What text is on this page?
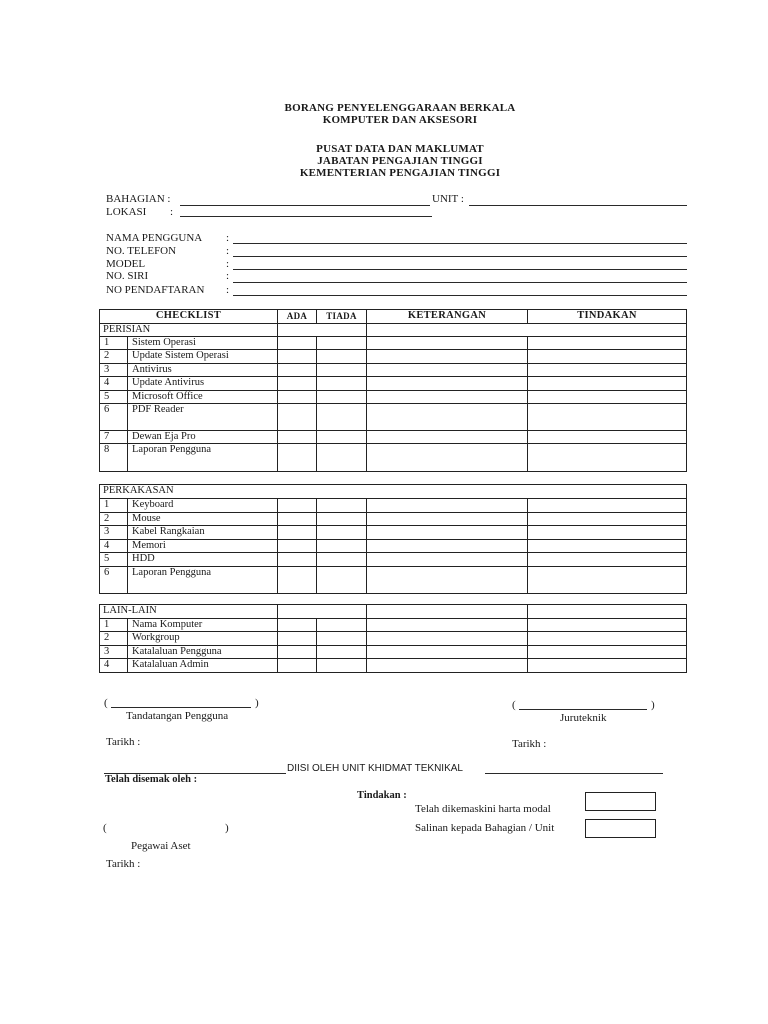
BORANG PENYELENGGARAAN BERKALA
KOMPUTER DAN AKSESORI
PUSAT DATA DAN MAKLUMAT
JABATAN PENGAJIAN TINGGI
KEMENTERIAN PENGAJIAN TINGGI
BAHAGIAN :	UNIT :
LOKASI :
NAMA PENGGUNA :
NO. TELEFON	:
MODEL	:
NO. SIRI	:
NO PENDAFTARAN :
CHECKLIST	ADA	TIADA	KETERANGAN	TINDAKAN
PERISIAN
1	Sistem Operasi
2	Update Sistem Operasi
3	Antivirus
4	Update Antivirus
5	Microsoft Office
6	PDF Reader
7	Dewan Eja Pro
8	Laporan Pengguna
PERKAKASAN
1	Keyboard
2	Mouse
3	Kabel Rangkaian
4	Memori
5	HDD
6	Laporan Pengguna
LAIN-LAIN
1	Nama Komputer
2	Workgroup
3	Katalaluan Pengguna
4	Katalaluan Admin
(	)
Tandatangan Pengguna
(	)
Juruteknik
Tarikh :	Tarikh :
DIISI OLEH UNIT KHIDMAT TEKNIKAL
Telah disemak oleh :
Tindakan :
Telah dikemaskini harta modal
Salinan kepada Bahagian / Unit
(	)
Pegawai Aset
Tarikh :
